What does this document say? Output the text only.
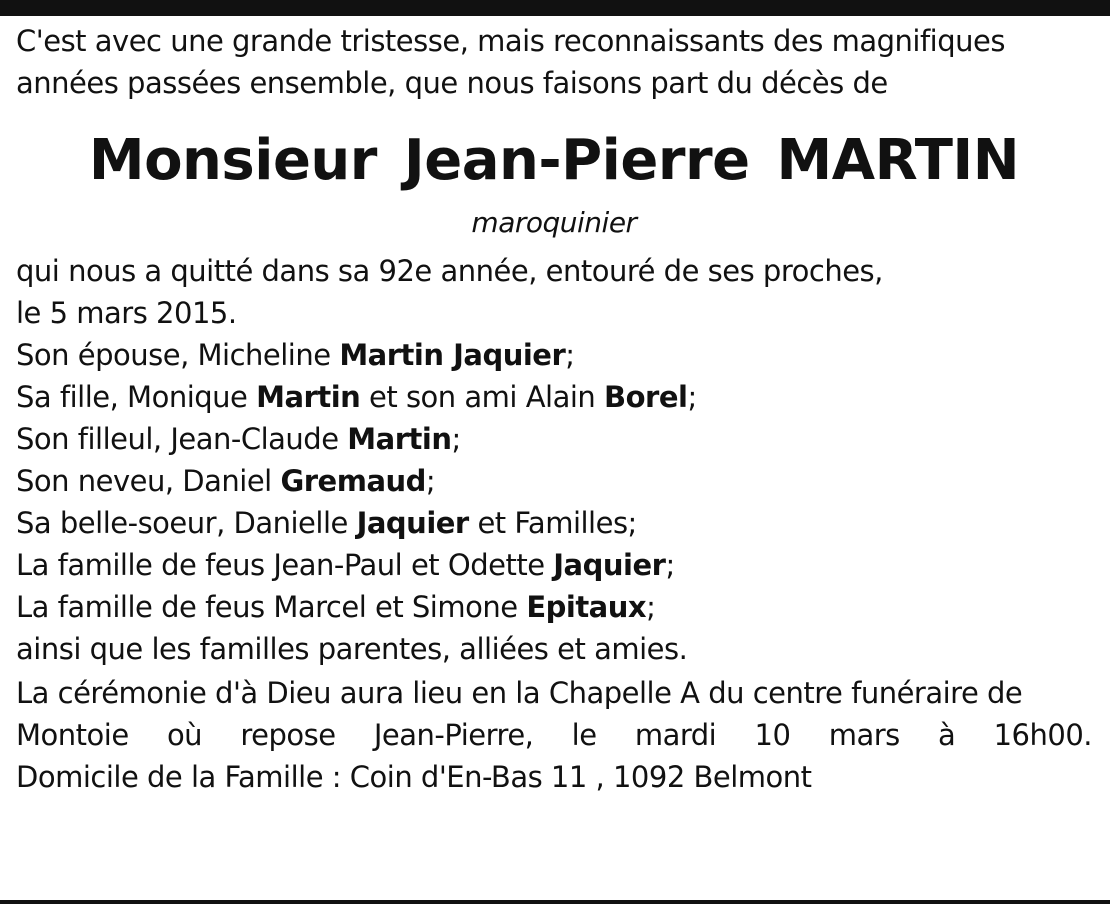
C'est avec une grande tristesse, mais reconnaissants des magnifiques
années passées ensemble, que nous faisons part du décès de
Monsieur Jean-Pierre MARTIN
maroquinier
qui nous a quitté dans sa 92e année, entouré de ses proches,
le 5 mars 2015.
Son épouse, Micheline Martin Jaquier;
Sa fille, Monique Martin et son ami Alain Borel;
Son filleul, Jean-Claude Martin;
Son neveu, Daniel Gremaud;
Sa belle-soeur, Danielle Jaquier et Familles;
La famille de feus Jean-Paul et Odette Jaquier;
La famille de feus Marcel et Simone Epitaux;
ainsi que les familles parentes, alliées et amies.
La cérémonie d'à Dieu aura lieu en la Chapelle A du centre funéraire de
Montoie où repose Jean-Pierre, le mardi 10 mars à 16h00.
Domicile de la Famille : Coin d'En-Bas 11 , 1092 Belmont
